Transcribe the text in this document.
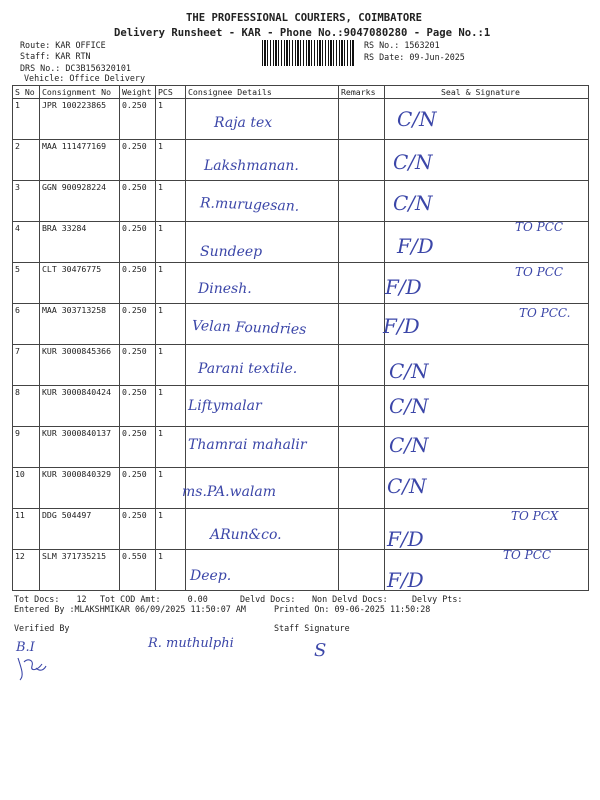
THE PROFESSIONAL COURIERS, COIMBATORE
Delivery Runsheet - KAR - Phone No.:9047080280 - Page No.:1
Route: KAR OFFICE
Staff: KAR RTN
DRS No.: DC3B156320101
Vehicle: Office Delivery
RS No.: 1563201
RS Date: 09-Jun-2025
S No	Consignment No	Weight	PCS	Consignee Details	Remarks	Seal & Signature
1	JPR 100223865	0.250	1	Raja tex		C/N

2	MAA 111477169	0.250	1	Lakshmanan.		C/N

3	GGN 900928224	0.250	1	R.murugesan.		C/N

4	BRA 33284	0.250	1	Sundeep		F/D
TO PCC

5	CLT 30476775	0.250	1	Dinesh.		F/D
TO PCC

6	MAA 303713258	0.250	1	Velan Foundries		F/D
TO PCC.

7	KUR 3000845366	0.250	1	Parani textile.		C/N

8	KUR 3000840424	0.250	1	Liftymalar		C/N

9	KUR 3000840137	0.250	1	Thamrai mahalir		C/N

10	KUR 3000840329	0.250	1	ms.PA.walam		C/N

11	DDG 504497	0.250	1	ARun&co.		F/D
TO PCX

12	SLM 371735215	0.550	1	Deep.		F/D
TO PCC
Tot Docs: 12 Tot COD Amt:	0.00	Delvd Docs: Non Delvd Docs:	Delvy Pts:
Entered By :MLAKSHMIKAR 06/09/2025 11:50:07 AM	Printed On: 09-06-2025 11:50:28
Verified By	Staff Signature
B.I	R. muthulphi	S
